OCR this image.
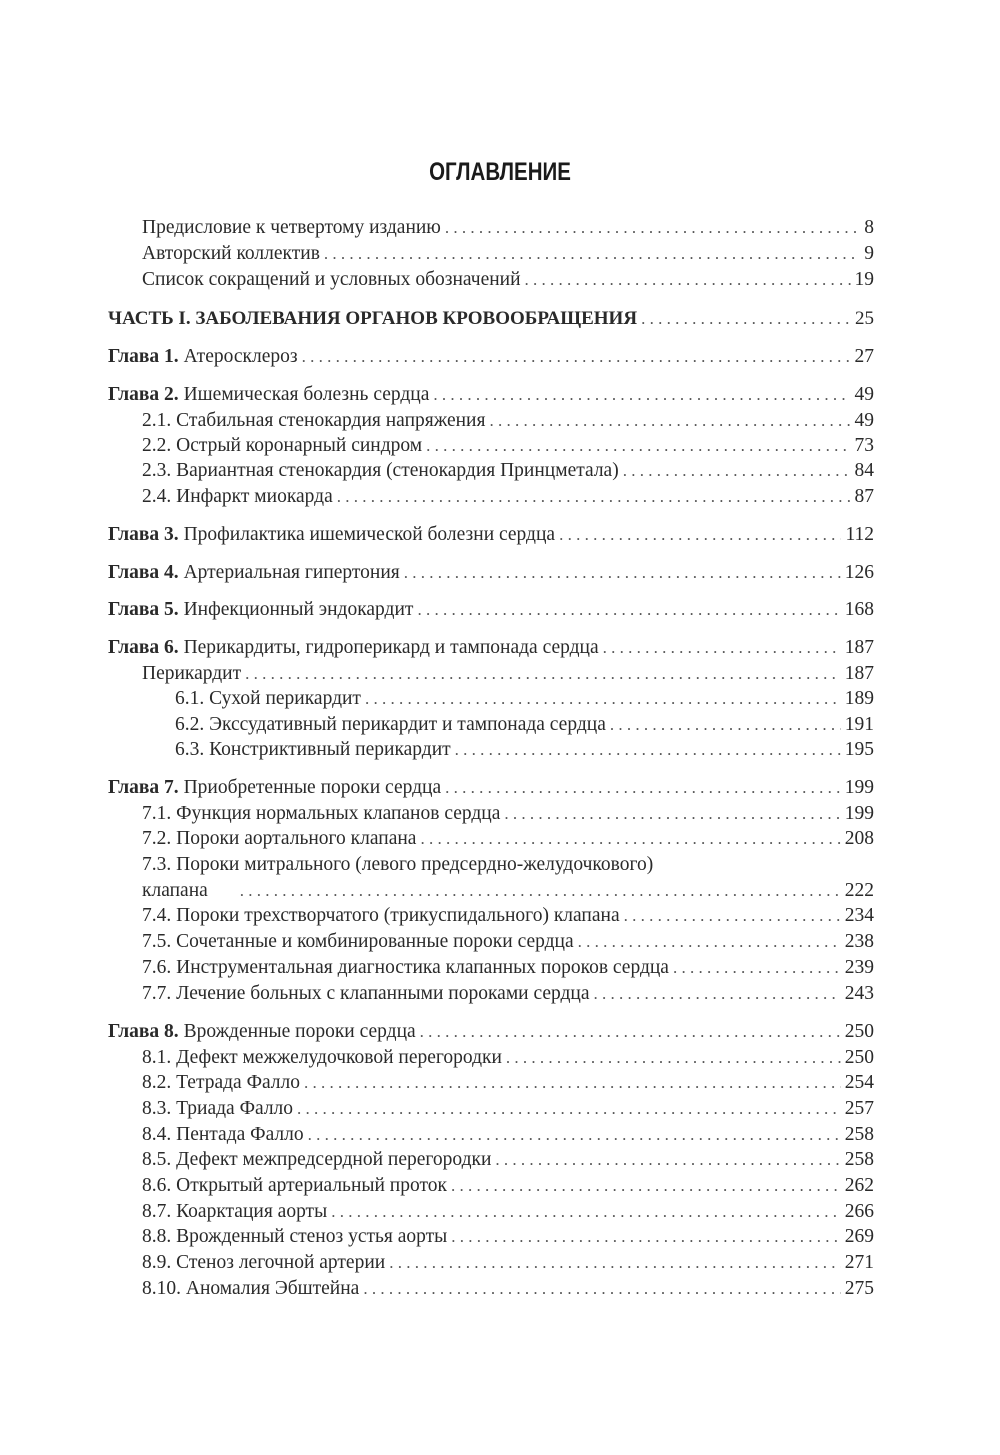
ОГЛАВЛЕНИЕ
Предисловие к четвертому изданию . . .	8
Авторский коллектив . . .	9
Список сокращений и условных обозначений . . .	19
ЧАСТЬ I. ЗАБОЛЕВАНИЯ ОРГАНОВ КРОВООБРАЩЕНИЯ . . .	25
Глава 1. Атеросклероз . . .	27
Глава 2. Ишемическая болезнь сердца . . .	49
2.1. Стабильная стенокардия напряжения . . .	49
2.2. Острый коронарный синдром . . .	73
2.3. Вариантная стенокардия (стенокардия Принцметала) . . .	84
2.4. Инфаркт миокарда . . .	87
Глава 3. Профилактика ишемической болезни сердца . . .	112
Глава 4. Артериальная гипертония . . .	126
Глава 5. Инфекционный эндокардит . . .	168
Глава 6. Перикардиты, гидроперикард и тампонада сердца . . .	187
Перикардит . . .	187
6.1. Сухой перикардит . . .	189
6.2. Экссудативный перикардит и тампонада сердца . . .	191
6.3. Констриктивный перикардит . . .	195
Глава 7. Приобретенные пороки сердца . . .	199
7.1. Функция нормальных клапанов сердца . . .	199
7.2. Пороки аортального клапана . . .	208
7.3. Пороки митрального (левого предсердно-желудочкового)
клапана . . .	222
7.4. Пороки трехстворчатого (трикуспидального) клапана . . .	234
7.5. Сочетанные и комбинированные пороки сердца . . .	238
7.6. Инструментальная диагностика клапанных пороков сердца . . .	239
7.7. Лечение больных с клапанными пороками сердца . . .	243
Глава 8. Врожденные пороки сердца . . .	250
8.1. Дефект межжелудочковой перегородки . . .	250
8.2. Тетрада Фалло . . .	254
8.3. Триада Фалло . . .	257
8.4. Пентада Фалло . . .	258
8.5. Дефект межпредсердной перегородки . . .	258
8.6. Открытый артериальный проток . . .	262
8.7. Коарктация аорты . . .	266
8.8. Врожденный стеноз устья аорты . . .	269
8.9. Стеноз легочной артерии . . .	271
8.10. Аномалия Эбштейна . . .	275
